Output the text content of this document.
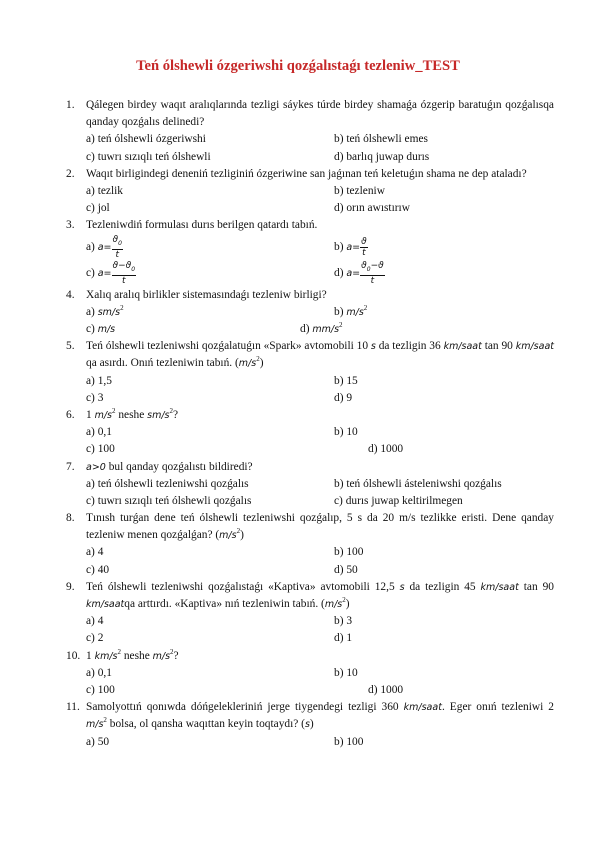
Teń ólshewli ózgeriwshi qozǵalıstaǵı tezleniw_TEST
1.	Qálegen birdey waqıt aralıqlarında tezligi sáykes túrde birdey shamaǵa ózgerip baratuǵın qozǵalısqa qanday qozǵalıs delinedi?
a) teń ólshewli ózgeriwshi	b) teń ólshewli emes
c) tuwrı sızıqlı teń ólshewli	d) barlıq juwap durıs
2.	Waqıt birligindegi deneniń tezliginiń ózgeriwine san jaǵınan teń keletuǵın shama ne dep ataladı?
a) tezlik	b) tezleniw
c) jol	d) orın awıstırıw
3.	Tezleniwdiń formulası durıs berilgen qatardı tabıń.
a) $a= \frac{ϑ_0}{t}$	b) $a= \frac{ϑ}{t}$
c) $a= \frac{ϑ-ϑ_0}{t}$	d) $a= \frac{ϑ_0-ϑ}{t}$
4.	Xalıq aralıq birlikler sistemasındaǵı tezleniw birligi?
a) $sm/s^2$	b) $m/s^2$
c) m/s	d) $mm/s^2$
5.	Teń ólshewli tezleniwshi qozǵalatuǵın «Spark» avtomobili 10 s da tezligin 36 km/saat tan 90 km/saat qa asırdı. Onıń tezleniwin tabıń. $(m/s^2)$
a) 1,5	b) 15
c) 3	d) 9
6.	1 $m/s^2$ neshe $sm/s^2$?
a) 0,1	b) 10
c) 100	d) 1000
7.	a>0 bul qanday qozǵalıstı bildiredi?
a) teń ólshewli tezleniwshi qozǵalıs	b) teń ólshewli ásteleniwshi qozǵalıs
c) tuwrı sızıqlı teń ólshewli qozǵalıs	c) durıs juwap keltirilmegen
8.	Tınısh turǵan dene teń ólshewli tezleniwshi qozǵalıp, 5 s da 20 m/s tezlikke eristi. Dene qanday tezleniw menen qozǵalǵan? $(m/s^2)$
a) 4	b) 100
c) 40	d) 50
9.	Teń ólshewli tezleniwshi qozǵalıstaǵı «Kaptiva» avtomobili 12,5 s da tezligin 45 km/saat tan 90 km/saatqa arttırdı. «Kaptiva» nıń tezleniwin tabıń. $(m/s^2)$
a) 4	b) 3
c) 2	d) 1
10. 1 $km/s^2$ neshe $m/s^2$?
a) 0,1	b) 10
c) 100	d) 1000
11. Samolyottıń qonıwda dóńgelekleriniń jerge tiygendegi tezligi 360 km/saat. Eger onıń tezleniwi 2 $m/s^2$ bolsa, ol qansha waqıttan keyin toqtaydı? (s)
a) 50	b) 100
